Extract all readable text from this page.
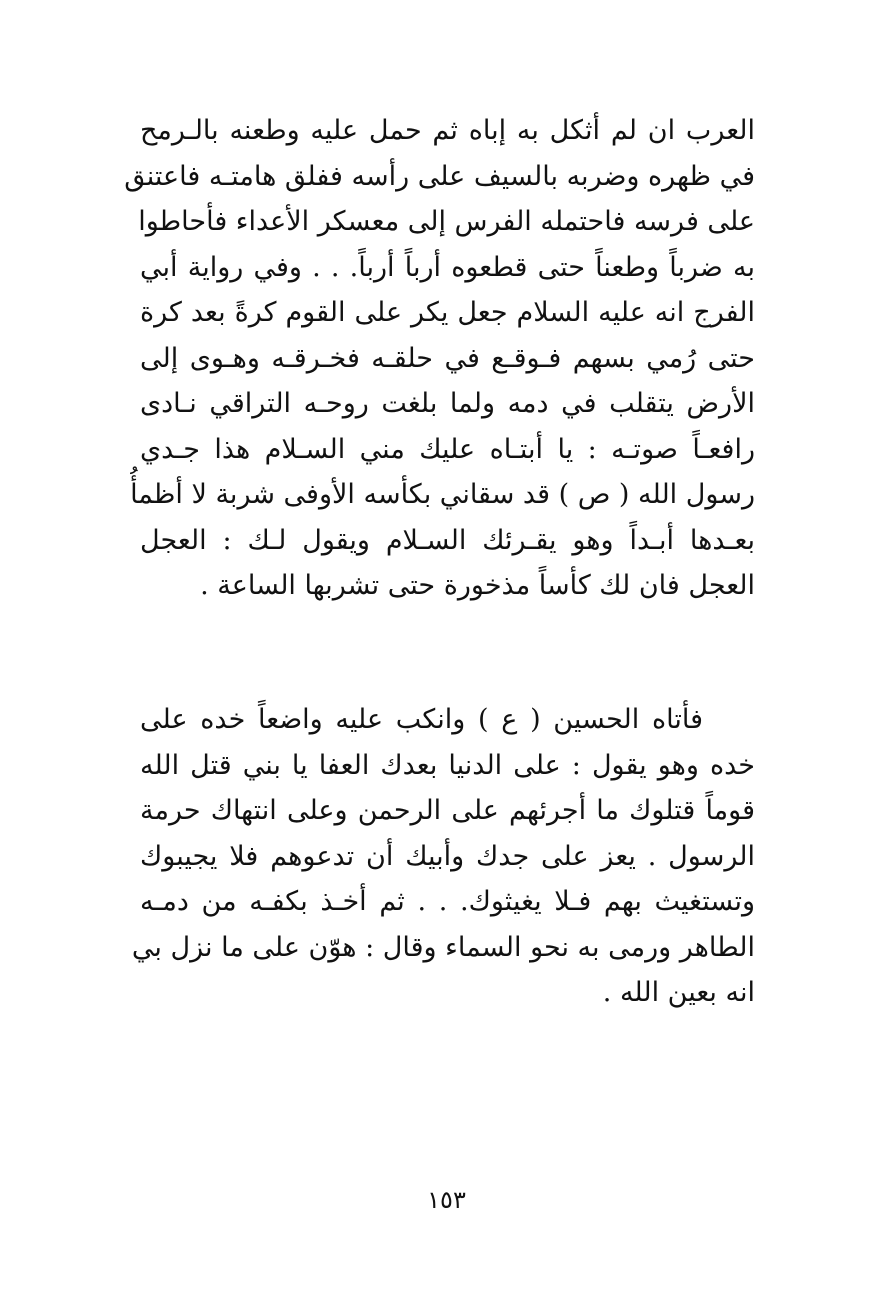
العرب ان لم أثكل به إباه ثم حمل عليه وطعنه بالـرمح
في ظهره وضربه بالسيف على رأسه ففلق هامتـه فاعتنق
على فرسه فاحتمله الفرس إلى معسكر الأعداء فأحاطوا
به ضرباً وطعناً حتى قطعوه أرباً أرباً. . . وفي رواية أبي
الفرج انه عليه السلام جعل يكر على القوم كرةً بعد كرة
حتى رُمي بسهم فـوقـع في حلقـه فخـرقـه وهـوى إلى
الأرض يتقلب في دمه ولما بلغت روحـه التراقي نـادى
رافعـاً صوتـه : يا أبتـاه عليك مني السـلام هذا جـدي
رسول الله ( ص ) قد سقاني بكأسه الأوفى شربة لا أظمأُ
بعـدها أبـداً وهو يقـرئك السـلام ويقول لـك : العجل
العجل فان لك كأساً مذخورة حتى تشربها الساعة .
فأتاه الحسين ( ع ) وانكب عليه واضعاً خده على
خده وهو يقول : على الدنيا بعدك العفا يا بني قتل الله
قوماً قتلوك ما أجرئهم على الرحمن وعلى انتهاك حرمة
الرسول . يعز على جدك وأبيك أن تدعوهم فلا يجيبوك
وتستغيث بهم فـلا يغيثوك. . . ثم أخـذ بكفـه من دمـه
الطاهر ورمى به نحو السماء وقال : هوّن على ما نزل بي
انه بعين الله .
١٥٣
